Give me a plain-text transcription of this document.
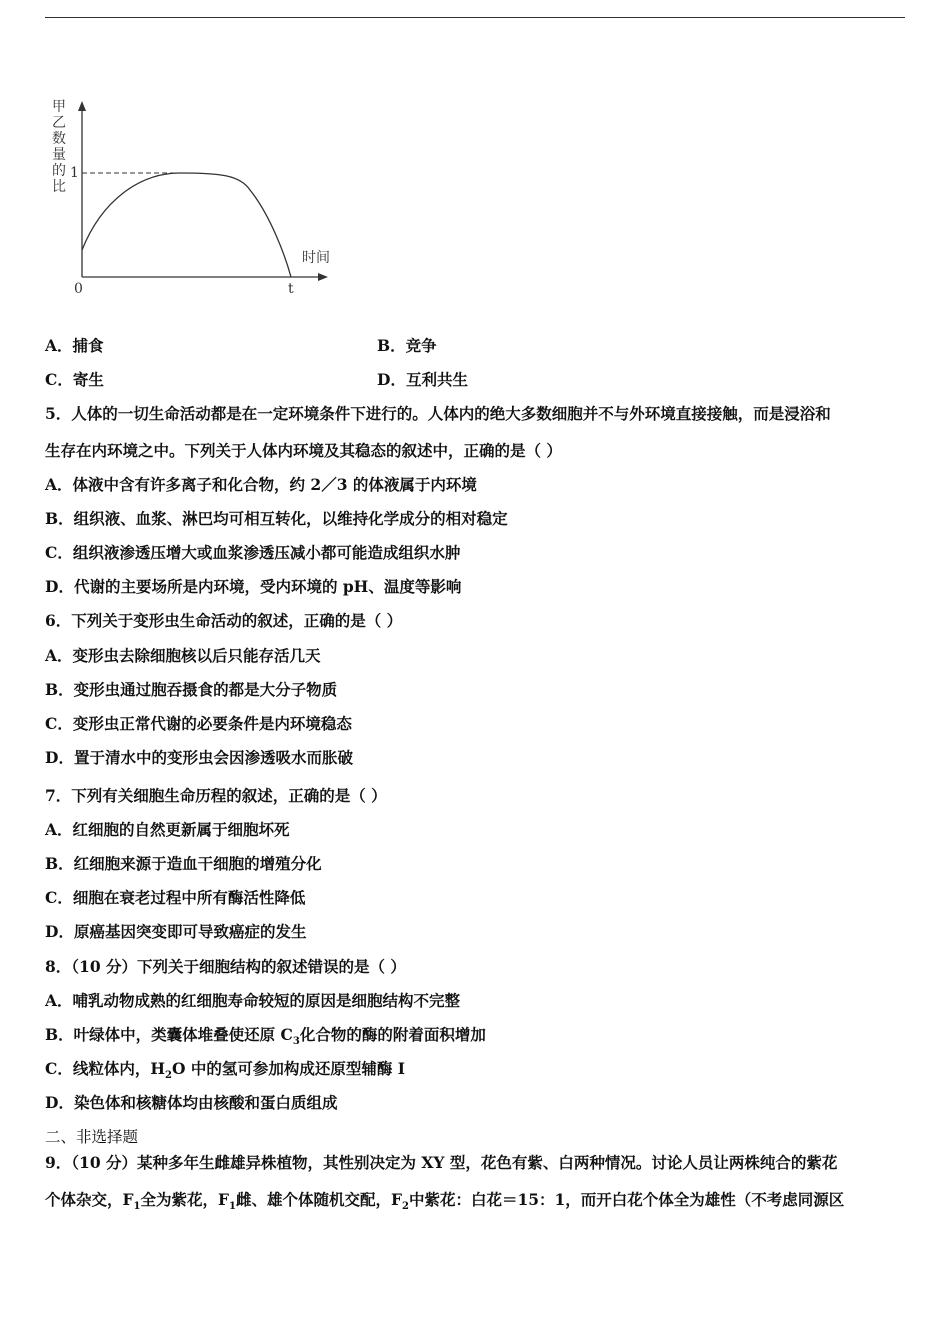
甲乙数量的比
1
时间
0	t
A．捕食	B．竞争
C．寄生	D．互利共生
5．人体的一切生命活动都是在一定环境条件下进行的。人体内的绝大多数细胞并不与外环境直接接触，而是浸浴和
生存在内环境之中。下列关于人体内环境及其稳态的叙述中，正确的是（ ）
A．体液中含有许多离子和化合物，约 2／3 的体液属于内环境
B．组织液、血浆、淋巴均可相互转化，以维持化学成分的相对稳定
C．组织液渗透压增大或血浆渗透压减小都可能造成组织水肿
D．代谢的主要场所是内环境，受内环境的 pH、温度等影响
6．下列关于变形虫生命活动的叙述，正确的是（ ）
A．变形虫去除细胞核以后只能存活几天
B．变形虫通过胞吞摄食的都是大分子物质
C．变形虫正常代谢的必要条件是内环境稳态
D．置于清水中的变形虫会因渗透吸水而胀破
7．下列有关细胞生命历程的叙述，正确的是（ ）
A．红细胞的自然更新属于细胞坏死
B．红细胞来源于造血干细胞的增殖分化
C．细胞在衰老过程中所有酶活性降低
D．原癌基因突变即可导致癌症的发生
8．（10 分）下列关于细胞结构的叙述错误的是（ ）
A．哺乳动物成熟的红细胞寿命较短的原因是细胞结构不完整
B．叶绿体中，类囊体堆叠使还原 $C_3$化合物的酶的附着面积增加
C．线粒体内，$H_2O$ 中的氢可参加构成还原型辅酶 I
D．染色体和核糖体均由核酸和蛋白质组成
二、非选择题
9．（10 分）某种多年生雌雄异株植物，其性别决定为 XY 型，花色有紫、白两种情况。讨论人员让两株纯合的紫花
个体杂交，$F_1$全为紫花，$F_1$雌、雄个体随机交配，$F_2$中紫花：白花＝15：1，而开白花个体全为雄性（不考虑同源区
